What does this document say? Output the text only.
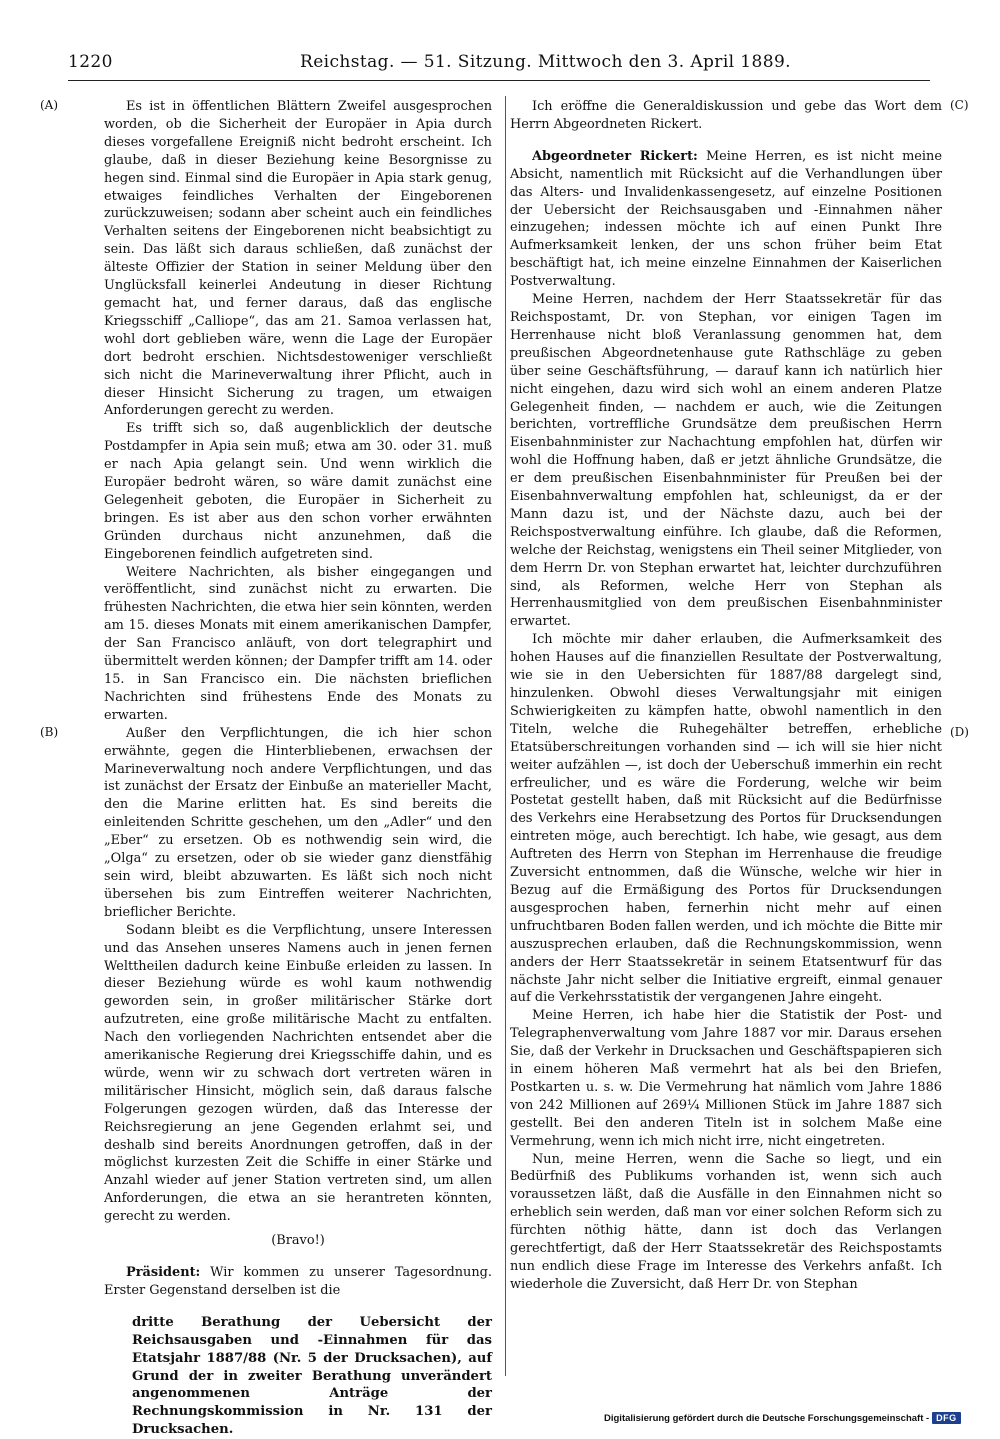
1220	Reichstag. — 51. Sitzung. Mittwoch den 3. April 1889.
(A)
(B)
(C)
(D)

Es ist in öffentlichen Blättern Zweifel ausgesprochen worden, ob die Sicherheit der Europäer in Apia durch dieses vorgefallene Ereigniß nicht bedroht erscheint. Ich glaube, daß in dieser Beziehung keine Besorgnisse zu hegen sind. Einmal sind die Europäer in Apia stark genug, etwaiges feindliches Verhalten der Eingeborenen zurückzuweisen; sodann aber scheint auch ein feindliches Verhalten seitens der Eingeborenen nicht beabsichtigt zu sein. Das läßt sich daraus schließen, daß zunächst der älteste Offizier der Station in seiner Meldung über den Unglücksfall keinerlei Andeutung in dieser Richtung gemacht hat, und ferner daraus, daß das englische Kriegsschiff „Calliope“, das am 21. Samoa verlassen hat, wohl dort geblieben wäre, wenn die Lage der Europäer dort bedroht erschien. Nichtsdestoweniger verschließt sich nicht die Marineverwaltung ihrer Pflicht, auch in dieser Hinsicht Sicherung zu tragen, um etwaigen Anforderungen gerecht zu werden.

Es trifft sich so, daß augenblicklich der deutsche Postdampfer in Apia sein muß; etwa am 30. oder 31. muß er nach Apia gelangt sein. Und wenn wirklich die Europäer bedroht wären, so wäre damit zunächst eine Gelegenheit geboten, die Europäer in Sicherheit zu bringen. Es ist aber aus den schon vorher erwähnten Gründen durchaus nicht anzunehmen, daß die Eingeborenen feindlich aufgetreten sind.

Weitere Nachrichten, als bisher eingegangen und veröffentlicht, sind zunächst nicht zu erwarten. Die frühesten Nachrichten, die etwa hier sein könnten, werden am 15. dieses Monats mit einem amerikanischen Dampfer, der San Francisco anläuft, von dort telegraphirt und übermittelt werden können; der Dampfer trifft am 14. oder 15. in San Francisco ein. Die nächsten brieflichen Nachrichten sind frühestens Ende des Monats zu erwarten.

Außer den Verpflichtungen, die ich hier schon erwähnte, gegen die Hinterbliebenen, erwachsen der Marineverwaltung noch andere Verpflichtungen, und das ist zunächst der Ersatz der Einbuße an materieller Macht, den die Marine erlitten hat. Es sind bereits die einleitenden Schritte geschehen, um den „Adler“ und den „Eber“ zu ersetzen. Ob es nothwendig sein wird, die „Olga“ zu ersetzen, oder ob sie wieder ganz dienstfähig sein wird, bleibt abzuwarten. Es läßt sich noch nicht übersehen bis zum Eintreffen weiterer Nachrichten, brieflicher Berichte.

Sodann bleibt es die Verpflichtung, unsere Interessen und das Ansehen unseres Namens auch in jenen fernen Welttheilen dadurch keine Einbuße erleiden zu lassen. In dieser Beziehung würde es wohl kaum nothwendig geworden sein, in großer militärischer Stärke dort aufzutreten, eine große militärische Macht zu entfalten. Nach den vorliegenden Nachrichten entsendet aber die amerikanische Regierung drei Kriegsschiffe dahin, und es würde, wenn wir zu schwach dort vertreten wären in militärischer Hinsicht, möglich sein, daß daraus falsche Folgerungen gezogen würden, daß das Interesse der Reichsregierung an jene Gegenden erlahmt sei, und deshalb sind bereits Anordnungen getroffen, daß in der möglichst kurzesten Zeit die Schiffe in einer Stärke und Anzahl wieder auf jener Station vertreten sind, um allen Anforderungen, die etwa an sie herantreten könnten, gerecht zu werden.

(Bravo!)

Präsident: Wir kommen zu unserer Tagesordnung. Erster Gegenstand derselben ist die

dritte Berathung der Uebersicht der Reichsausgaben und -Einnahmen für das Etatsjahr 1887/88 (Nr. 5 der Drucksachen), auf Grund der in zweiter Berathung unverändert angenommenen Anträge der Rechnungskommission in Nr. 131 der Drucksachen.

Ich eröffne die Generaldiskussion und gebe das Wort dem Herrn Abgeordneten Rickert.

Abgeordneter Rickert: Meine Herren, es ist nicht meine Absicht, namentlich mit Rücksicht auf die Verhandlungen über das Alters- und Invalidenkassengesetz, auf einzelne Positionen der Uebersicht der Reichsausgaben und -Einnahmen näher einzugehen; indessen möchte ich auf einen Punkt Ihre Aufmerksamkeit lenken, der uns schon früher beim Etat beschäftigt hat, ich meine einzelne Einnahmen der Kaiserlichen Postverwaltung.

Meine Herren, nachdem der Herr Staatssekretär für das Reichspostamt, Dr. von Stephan, vor einigen Tagen im Herrenhause nicht bloß Veranlassung genommen hat, dem preußischen Abgeordnetenhause gute Rathschläge zu geben über seine Geschäftsführung, — darauf kann ich natürlich hier nicht eingehen, dazu wird sich wohl an einem anderen Platze Gelegenheit finden, — nachdem er auch, wie die Zeitungen berichten, vortreffliche Grundsätze dem preußischen Herrn Eisenbahnminister zur Nachachtung empfohlen hat, dürfen wir wohl die Hoffnung haben, daß er jetzt ähnliche Grundsätze, die er dem preußischen Eisenbahnminister für Preußen bei der Eisenbahnverwaltung empfohlen hat, schleunigst, da er der Mann dazu ist, und der Nächste dazu, auch bei der Reichspostverwaltung einführe. Ich glaube, daß die Reformen, welche der Reichstag, wenigstens ein Theil seiner Mitglieder, von dem Herrn Dr. von Stephan erwartet hat, leichter durchzuführen sind, als Reformen, welche Herr von Stephan als Herrenhausmitglied von dem preußischen Eisenbahnminister erwartet.

Ich möchte mir daher erlauben, die Aufmerksamkeit des hohen Hauses auf die finanziellen Resultate der Postverwaltung, wie sie in den Uebersichten für 1887/88 dargelegt sind, hinzulenken. Obwohl dieses Verwaltungsjahr mit einigen Schwierigkeiten zu kämpfen hatte, obwohl namentlich in den Titeln, welche die Ruhegehälter betreffen, erhebliche Etatsüberschreitungen vorhanden sind — ich will sie hier nicht weiter aufzählen —, ist doch der Ueberschuß immerhin ein recht erfreulicher, und es wäre die Forderung, welche wir beim Postetat gestellt haben, daß mit Rücksicht auf die Bedürfnisse des Verkehrs eine Herabsetzung des Portos für Drucksendungen eintreten möge, auch berechtigt. Ich habe, wie gesagt, aus dem Auftreten des Herrn von Stephan im Herrenhause die freudige Zuversicht entnommen, daß die Wünsche, welche wir hier in Bezug auf die Ermäßigung des Portos für Drucksendungen ausgesprochen haben, fernerhin nicht mehr auf einen unfruchtbaren Boden fallen werden, und ich möchte die Bitte mir auszusprechen erlauben, daß die Rechnungskommission, wenn anders der Herr Staatssekretär in seinem Etatsentwurf für das nächste Jahr nicht selber die Initiative ergreift, einmal genauer auf die Verkehrsstatistik der vergangenen Jahre eingeht.

Meine Herren, ich habe hier die Statistik der Post- und Telegraphenverwaltung vom Jahre 1887 vor mir. Daraus ersehen Sie, daß der Verkehr in Drucksachen und Geschäftspapieren sich in einem höheren Maß vermehrt hat als bei den Briefen, Postkarten u. s. w. Die Vermehrung hat nämlich vom Jahre 1886 von 242 Millionen auf 269¼ Millionen Stück im Jahre 1887 sich gestellt. Bei den anderen Titeln ist in solchem Maße eine Vermehrung, wenn ich mich nicht irre, nicht eingetreten.

Nun, meine Herren, wenn die Sache so liegt, und ein Bedürfniß des Publikums vorhanden ist, wenn sich auch voraussetzen läßt, daß die Ausfälle in den Einnahmen nicht so erheblich sein werden, daß man vor einer solchen Reform sich zu fürchten nöthig hätte, dann ist doch das Verlangen gerechtfertigt, daß der Herr Staatssekretär des Reichspostamts nun endlich diese Frage im Interesse des Verkehrs anfaßt. Ich wiederhole die Zuversicht, daß Herr Dr. von Stephan

Digitalisierung gefördert durch die Deutsche Forschungsgemeinschaft - DFG
